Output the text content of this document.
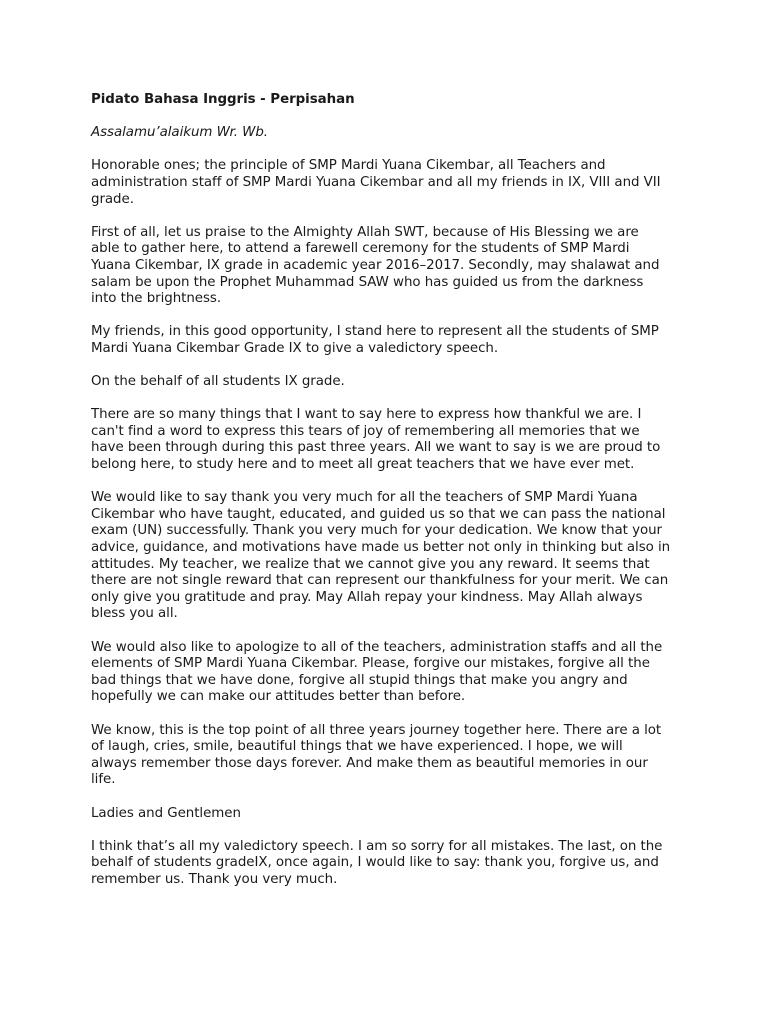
Pidato Bahasa Inggris - Perpisahan

Assalamu’alaikum Wr. Wb.

Honorable ones; the principle of SMP Mardi Yuana Cikembar, all Teachers and administration staff of SMP Mardi Yuana Cikembar and all my friends in IX, VIII and VII grade.

First of all, let us praise to the Almighty Allah SWT, because of His Blessing we are able to gather here, to attend a farewell ceremony for the students of SMP Mardi Yuana Cikembar, IX grade in academic year 2016–2017. Secondly, may shalawat and salam be upon the Prophet Muhammad SAW who has guided us from the darkness into the brightness.

My friends, in this good opportunity, I stand here to represent all the students of SMP Mardi Yuana Cikembar Grade IX to give a valedictory speech.

On the behalf of all students IX grade.

There are so many things that I want to say here to express how thankful we are. I can't find a word to express this tears of joy of remembering all memories that we have been through during this past three years. All we want to say is we are proud to belong here, to study here and to meet all great teachers that we have ever met.

We would like to say thank you very much for all the teachers of SMP Mardi Yuana Cikembar who have taught, educated, and guided us so that we can pass the national exam (UN) successfully. Thank you very much for your dedication. We know that your advice, guidance, and motivations have made us better not only in thinking but also in attitudes. My teacher, we realize that we cannot give you any reward. It seems that there are not single reward that can represent our thankfulness for your merit. We can only give you gratitude and pray. May Allah repay your kindness. May Allah always bless you all.

We would also like to apologize to all of the teachers, administration staffs and all the elements of SMP Mardi Yuana Cikembar. Please, forgive our mistakes, forgive all the bad things that we have done, forgive all stupid things that make you angry and hopefully we can make our attitudes better than before.

We know, this is the top point of all three years journey together here. There are a lot of laugh, cries, smile, beautiful things that we have experienced. I hope, we will always remember those days forever. And make them as beautiful memories in our life.

Ladies and Gentlemen

I think that’s all my valedictory speech. I am so sorry for all mistakes. The last, on the behalf of students gradeIX, once again, I would like to say: thank you, forgive us, and remember us. Thank you very much.
